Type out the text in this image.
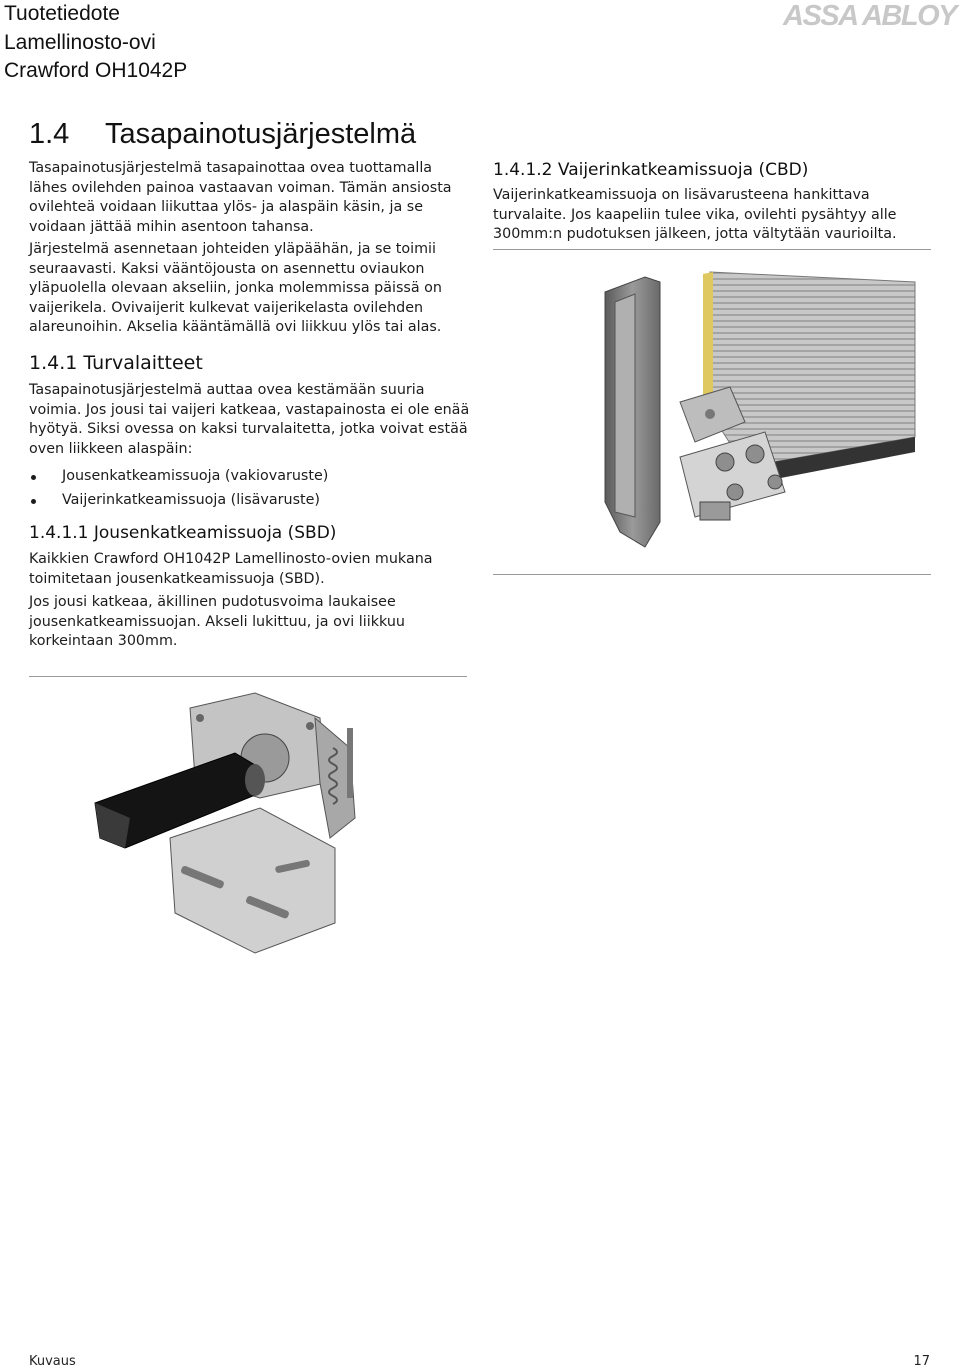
Tuotetiedote
Lamellinosto-ovi
Crawford OH1042P
ASSA ABLOY
1.4 Tasapainotusjärjestelmä
Tasapainotusjärjestelmä tasapainottaa ovea tuottamalla
lähes ovilehden painoa vastaavan voiman. Tämän ansiosta
ovilehteä voidaan liikuttaa ylös- ja alaspäin käsin, ja se
voidaan jättää mihin asentoon tahansa.
Järjestelmä asennetaan johteiden yläpäähän, ja se toimii
seuraavasti. Kaksi vääntöjousta on asennettu oviaukon
yläpuolella olevaan akseliin, jonka molemmissa päissä on
vaijerikela. Ovivaijerit kulkevat vaijerikelasta ovilehden
alareunoihin. Akselia kääntämällä ovi liikkuu ylös tai alas.
1.4.1 Turvalaitteet
Tasapainotusjärjestelmä auttaa ovea kestämään suuria
voimia. Jos jousi tai vaijeri katkeaa, vastapainosta ei ole enää
hyötyä. Siksi ovessa on kaksi turvalaitetta, jotka voivat estää
oven liikkeen alaspäin:
Jousenkatkeamissuoja (vakiovaruste)
Vaijerinkatkeamissuoja (lisävaruste)
1.4.1.1 Jousenkatkeamissuoja (SBD)
Kaikkien Crawford OH1042P Lamellinosto-ovien mukana
toimitetaan jousenkatkeamissuoja (SBD).
Jos jousi katkeaa, äkillinen pudotusvoima laukaisee
jousenkatkeamissuojan. Akseli lukittuu, ja ovi liikkuu
korkeintaan 300mm.
1.4.1.2 Vaijerinkatkeamissuoja (CBD)
Vaijerinkatkeamissuoja on lisävarusteena hankittava
turvalaite. Jos kaapeliin tulee vika, ovilehti pysähtyy alle
300mm:n pudotuksen jälkeen, jotta vältytään vaurioilta.
Kuvaus	17
